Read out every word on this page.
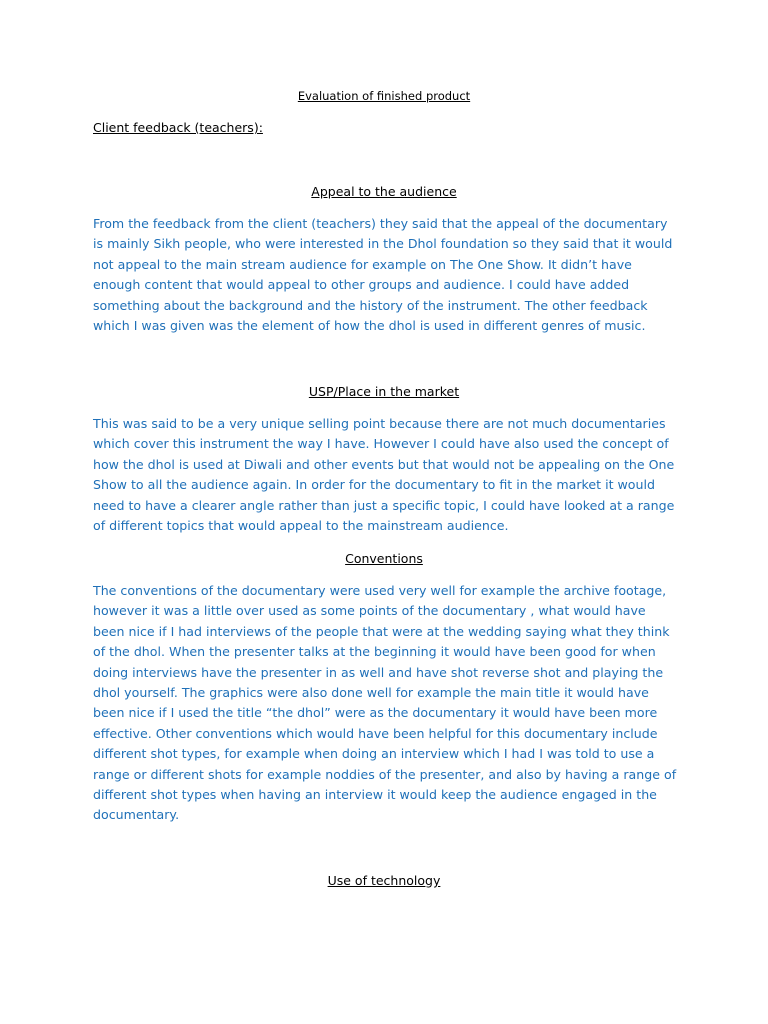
Evaluation of finished product

Client feedback (teachers):

Appeal to the audience

From the feedback from the client (teachers) they said that the appeal of the documentary
is mainly Sikh people, who were interested in the Dhol foundation so they said that it would
not appeal to the main stream audience for example on The One Show. It didn’t have
enough content that would appeal to other groups and audience. I could have added
something about the background and the history of the instrument. The other feedback
which I was given was the element of how the dhol is used in different genres of music.

USP/Place in the market

This was said to be a very unique selling point because there are not much documentaries
which cover this instrument the way I have. However I could have also used the concept of
how the dhol is used at Diwali and other events but that would not be appealing on the One
Show to all the audience again. In order for the documentary to fit in the market it would
need to have a clearer angle rather than just a specific topic, I could have looked at a range
of different topics that would appeal to the mainstream audience.

Conventions

The conventions of the documentary were used very well for example the archive footage,
however it was a little over used as some points of the documentary , what would have
been nice if I had interviews of the people that were at the wedding saying what they think
of the dhol. When the presenter talks at the beginning it would have been good for when
doing interviews have the presenter in as well and have shot reverse shot and playing the
dhol yourself. The graphics were also done well for example the main title it would have
been nice if I used the title “the dhol” were as the documentary it would have been more
effective. Other conventions which would have been helpful for this documentary include
different shot types, for example when doing an interview which I had I was told to use a
range or different shots for example noddies of the presenter, and also by having a range of
different shot types when having an interview it would keep the audience engaged in the
documentary.

Use of technology
